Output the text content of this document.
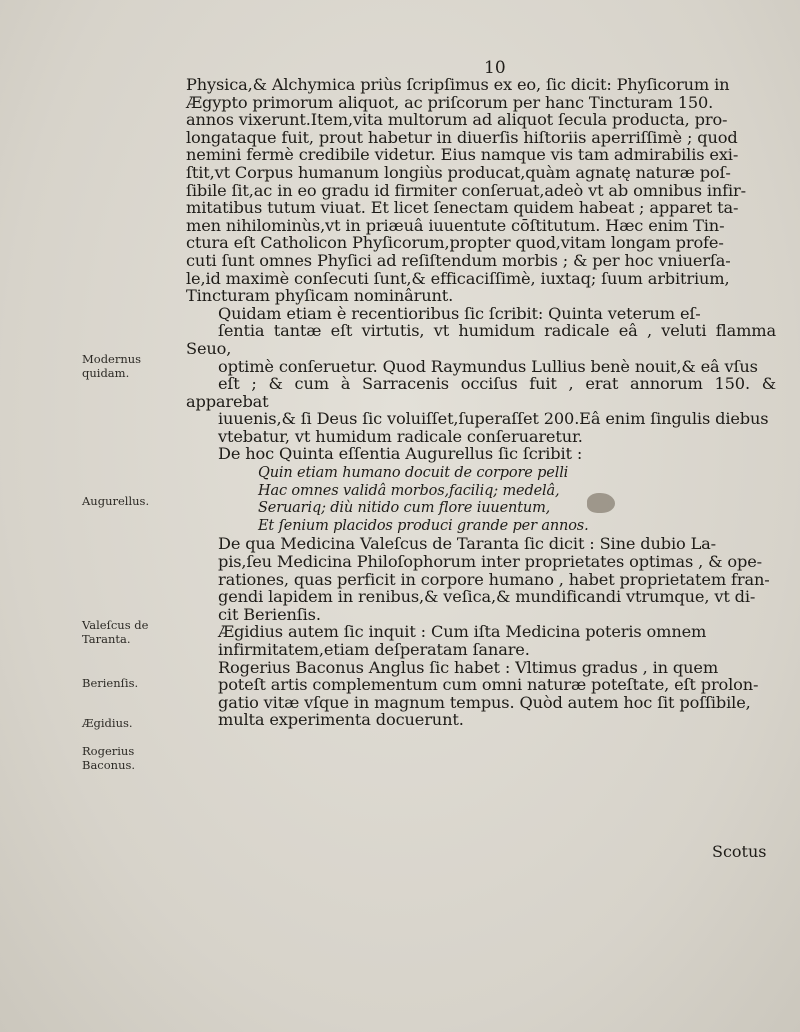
10

Physica,& Alchymica priùs ſcripſimus ex eo, ſic dicit: Phyſicorum in
Ægypto primorum aliquot, ac priſcorum per hanc Tincturam 150.
annos vixerunt.Item,vita multorum ad aliquot ſecula producta, pro-
longataque fuit, prout habetur in diuerſis hiſtoriis aperriſſimè ; quod
nemini fermè credibile videtur. Eius namque vis tam admirabilis exi-
ſtit,vt Corpus humanum longiùs producat,quàm agnatę naturæ poſ-
ſibile ſit,ac in eo gradu id firmiter conſeruat,adeò vt ab omnibus infir-
mitatibus tutum viuat. Et licet ſenectam quidem habeat ; apparet ta-
men nihilominùs,vt in priæuâ iuuentute cōſtitutum. Hæc enim Tin-
ctura eſt Catholicon Phyſicorum,propter quod,vitam longam profe-
cuti ſunt omnes Phyſici ad reſiſtendum morbis ; & per hoc vniuerſa-
le,id maximè conſecuti ſunt,& efficaciſſimè, iuxtaq; ſuum arbitrium,
Tincturam phyſicam nominârunt.

Quidam etiam è recentioribus ſic ſcribit: Quinta veterum eſ-
ſentia tantæ eſt virtutis, vt humidum radicale eâ , veluti flamma Seuo,
optimè conſeruetur. Quod Raymundus Lullius benè nouit,& eâ vſus
eſt ; & cum à Sarracenis occiſus fuit , erat annorum 150. & apparebat
iuuenis,& ſi Deus ſic voluiſſet,ſuperaſſet 200.Eâ enim ſingulis diebus
vtebatur, vt humidum radicale conſeruaretur.

De hoc Quinta eſſentia Augurellus ſic ſcribit :

Quin etiam humano docuit de corpore pelli
Hac omnes validâ morbos,faciliq; medelâ,
Seruariq; diù nitido cum flore iuuentum,
Et ſenium placidos produci grande per annos.

De qua Medicina Valeſcus de Taranta ſic dicit : Sine dubio La-
pis,ſeu Medicina Philoſophorum inter proprietates optimas , & ope-
rationes, quas perficit in corpore humano , habet proprietatem fran-
gendi lapidem in renibus,& veſica,& mundificandi vtrumque, vt di-
cit Berienſis.

Ægidius autem ſic inquit : Cum iſta Medicina poteris omnem
infirmitatem,etiam deſperatam ſanare.

Rogerius Baconus Anglus ſic habet : Vltimus gradus , in quem
poteſt artis complementum cum omni naturæ poteſtate, eſt prolon-
gatio vitæ vſque in magnum tempus. Quòd autem hoc ſit poſſibile,
multa experimenta docuerunt.

Modernus quidam.
Augurellus.
Valeſcus de Taranta.
Berienſis.
Ægidius.
Rogerius Baconus.
Scotus
